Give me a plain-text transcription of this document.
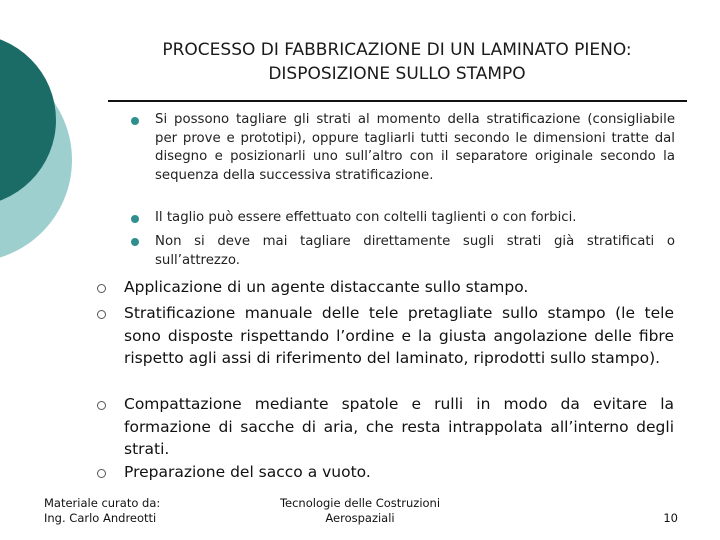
PROCESSO DI FABBRICAZIONE DI UN LAMINATO PIENO: DISPOSIZIONE SULLO STAMPO
Si possono tagliare gli strati al momento della stratificazione (consigliabile per prove e prototipi), oppure tagliarli tutti secondo le dimensioni tratte dal disegno e posizionarli uno sull’altro con il separatore originale secondo la sequenza della successiva stratificazione.
Il taglio può essere effettuato con coltelli taglienti o con forbici.
Non si deve mai tagliare direttamente sugli strati già stratificati o sull’attrezzo.
Applicazione di un agente distaccante sullo stampo.
Stratificazione manuale delle tele pretagliate sullo stampo (le tele sono disposte rispettando l’ordine e la giusta angolazione delle fibre rispetto agli assi di riferimento del laminato, riprodotti sullo stampo).
Compattazione mediante spatole e rulli in modo da evitare la formazione di sacche di aria, che resta intrappolata all’interno degli strati.
Preparazione del sacco a vuoto.
Materiale curato da:
Ing. Carlo Andreotti
Tecnologie delle Costruzioni
Aerospaziali	10
